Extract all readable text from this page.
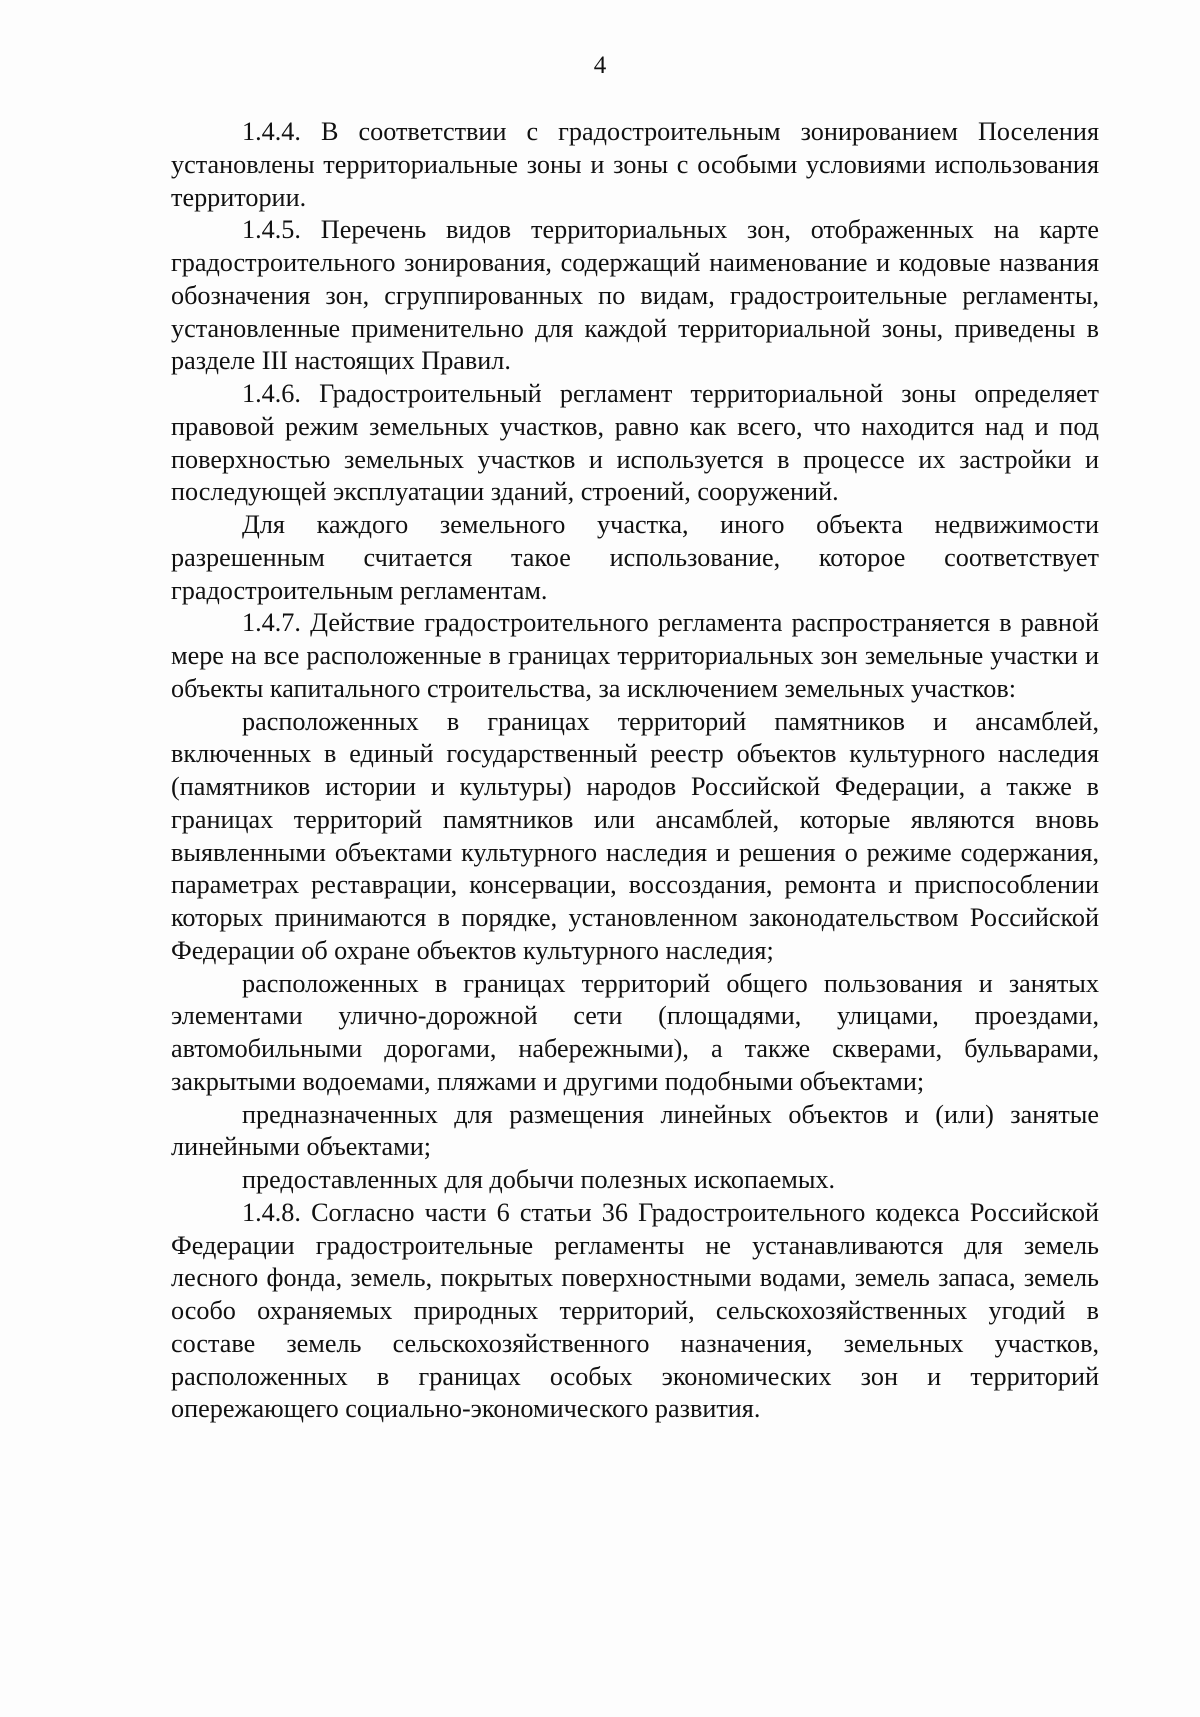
4

1.4.4. В соответствии с градостроительным зонированием Поселения установлены территориальные зоны и зоны с особыми условиями использования территории.

1.4.5. Перечень видов территориальных зон, отображенных на карте градостроительного зонирования, содержащий наименование и кодовые названия обозначения зон, сгруппированных по видам, градостроительные регламенты, установленные применительно для каждой территориальной зоны, приведены в разделе III настоящих Правил.

1.4.6. Градостроительный регламент территориальной зоны определяет правовой режим земельных участков, равно как всего, что находится над и под поверхностью земельных участков и используется в процессе их застройки и последующей эксплуатации зданий, строений, сооружений.

Для каждого земельного участка, иного объекта недвижимости разрешенным считается такое использование, которое соответствует градостроительным регламентам.

1.4.7. Действие градостроительного регламента распространяется в равной мере на все расположенные в границах территориальных зон земельные участки и объекты капитального строительства, за исключением земельных участков:

расположенных в границах территорий памятников и ансамблей, включенных в единый государственный реестр объектов культурного наследия (памятников истории и культуры) народов Российской Федерации, а также в границах территорий памятников или ансамблей, которые являются вновь выявленными объектами культурного наследия и решения о режиме содержания, параметрах реставрации, консервации, воссоздания, ремонта и приспособлении которых принимаются в порядке, установленном законодательством Российской Федерации об охране объектов культурного наследия;

расположенных в границах территорий общего пользования и занятых элементами улично-дорожной сети (площадями, улицами, проездами, автомобильными дорогами, набережными), а также скверами, бульварами, закрытыми водоемами, пляжами и другими подобными объектами;

предназначенных для размещения линейных объектов и (или) занятые линейными объектами;

предоставленных для добычи полезных ископаемых.

1.4.8. Согласно части 6 статьи 36 Градостроительного кодекса Российской Федерации градостроительные регламенты не устанавливаются для земель лесного фонда, земель, покрытых поверхностными водами, земель запаса, земель особо охраняемых природных территорий, сельскохозяйственных угодий в составе земель сельскохозяйственного назначения, земельных участков, расположенных в границах особых экономических зон и территорий опережающего социально-экономического развития.
